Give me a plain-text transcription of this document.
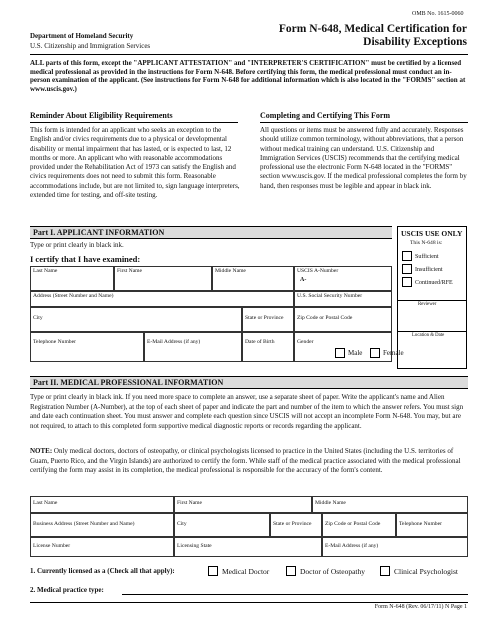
OMB No. 1615-0060
Department of Homeland Security
U.S. Citizenship and Immigration Services
Form N-648, Medical Certification for
Disability Exceptions
ALL parts of this form, except the "APPLICANT ATTESTATION" and "INTERPRETER'S CERTIFICATION" must be certified by a licensed medical professional as provided in the instructions for Form N-648. Before certifying this form, the medical professional must conduct an in-person examination of the applicant. (See instructions for Form N-648 for additional information which is also located in the "FORMS" section at www.uscis.gov.)
Reminder About Eligibility Requirements
This form is intended for an applicant who seeks an exception to the English and/or civics requirements due to a physical or developmental disability or mental impairment that has lasted, or is expected to last, 12 months or more. An applicant who with reasonable accommodations provided under the Rehabilitation Act of 1973 can satisfy the English and civics requirements does not need to submit this form. Reasonable accommodations include, but are not limited to, sign language interpreters, extended time for testing, and off-site testing.
Completing and Certifying This Form
All questions or items must be answered fully and accurately. Responses should utilize common terminology, without abbreviations, that a person without medical training can understand. U.S. Citizenship and Immigration Services (USCIS) recommends that the certifying medical professional use the electronic Form N-648 located in the "FORMS" section www.uscis.gov. If the medical professional completes the form by hand, then responses must be legible and appear in black ink.
Part I. APPLICANT INFORMATION
Type or print clearly in black ink.
I certify that I have examined:
Last Name	First Name	Middle Name	USCIS A-Number
A-
Address (Street Number and Name)	U.S. Social Security Number
City	State or Province Zip Code or Postal Code
Telephone Number	E-Mail Address (if any)	Date of Birth	Gender
Male	Female
USCIS USE ONLY
This N-648 is:
Sufficient
Insufficient
Continued/RFE
Reviewer
Location & Date
Part II. MEDICAL PROFESSIONAL INFORMATION
Type or print clearly in black ink. If you need more space to complete an answer, use a separate sheet of paper. Write the applicant's name and Alien Registration Number (A-Number), at the top of each sheet of paper and indicate the part and number of the item to which the answer refers. You must sign and date each continuation sheet. You must answer and complete each question since USCIS will not accept an incomplete Form N-648. You may, but are not required, to attach to this completed form supportive medical diagnostic reports or records regarding the applicant.
NOTE: Only medical doctors, doctors of osteopathy, or clinical psychologists licensed to practice in the United States (including the U.S. territories of Guam, Puerto Rico, and the Virgin Islands) are authorized to certify the form. While staff of the medical practice associated with the medical professional certifying the form may assist in its completion, the medical professional is responsible for the accuracy of the form's content.
Last Name	First Name	Middle Name
Business Address (Street Number and Name)	City	State or Province Zip Code or Postal Code	Telephone Number
License Number	Licensing State	E-Mail Address (if any)
1. Currently licensed as a (Check all that apply):	Medical Doctor	Doctor of Osteopathy	Clinical Psychologist
2. Medical practice type:
Form N-648 (Rev. 06/17/11) N Page 1
